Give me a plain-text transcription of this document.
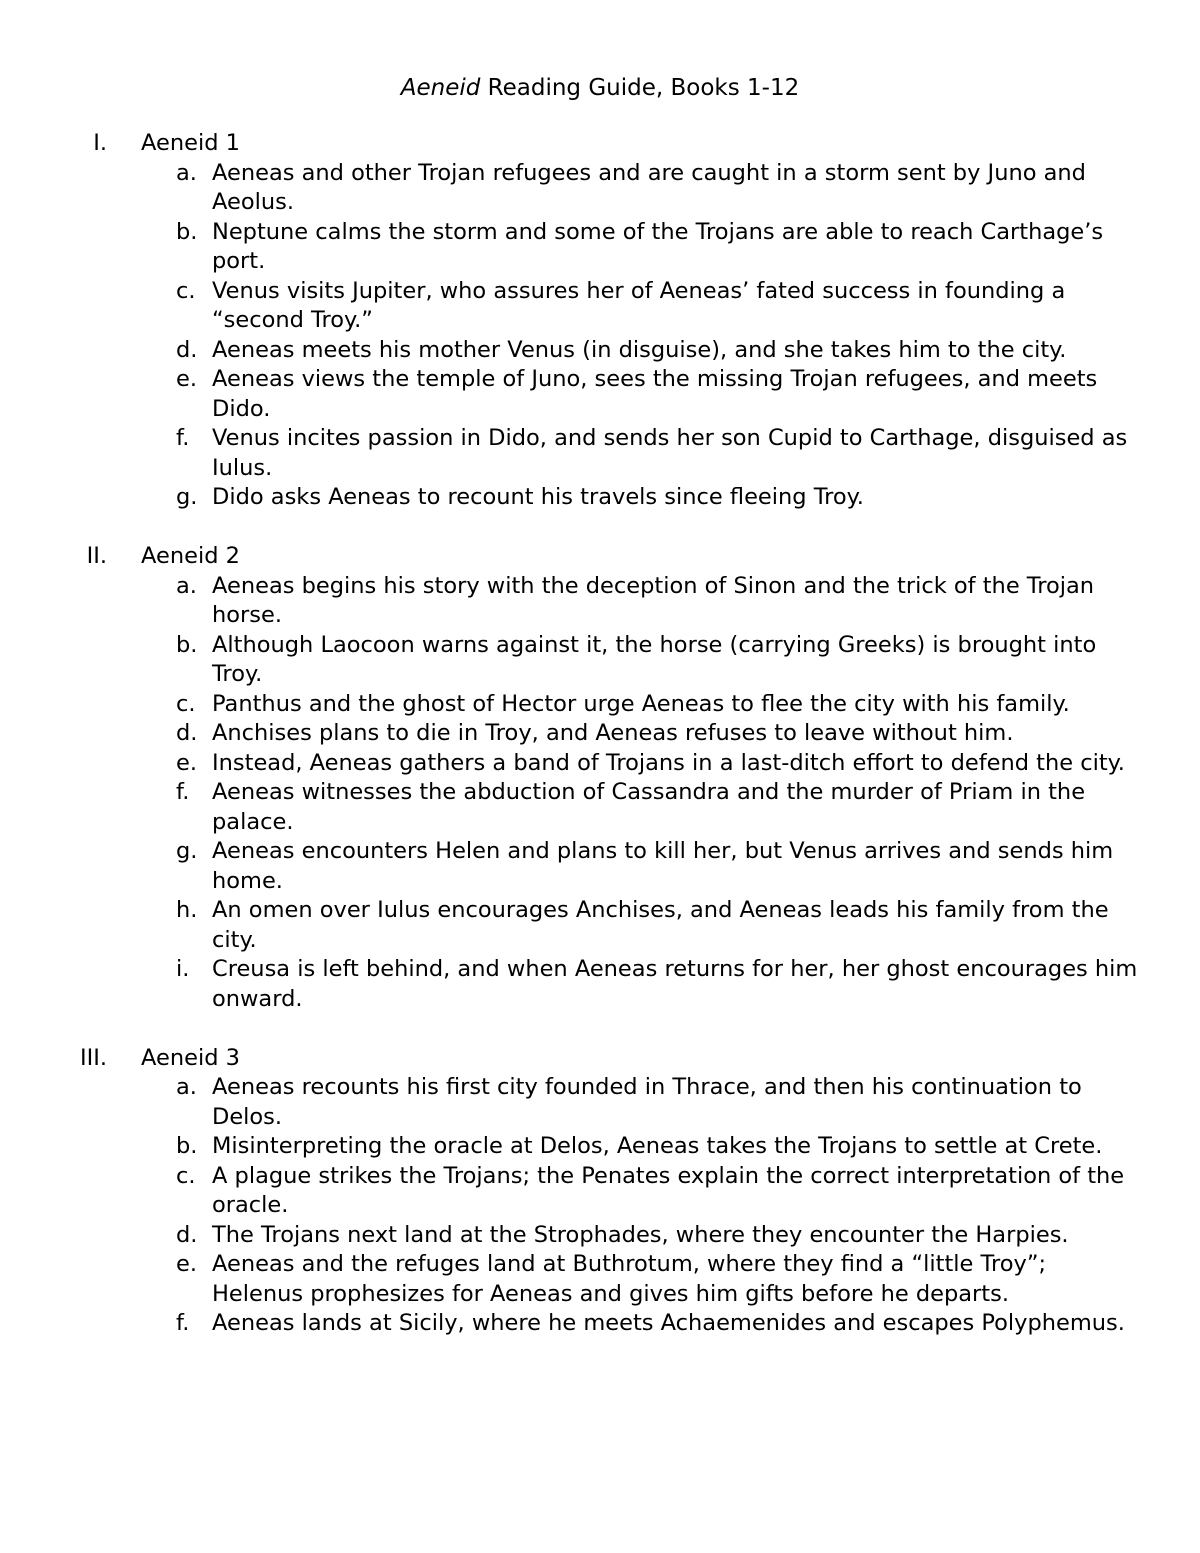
Aeneid Reading Guide, Books 1-12
I. Aeneid 1
a. Aeneas and other Trojan refugees and are caught in a storm sent by Juno and Aeolus.
b. Neptune calms the storm and some of the Trojans are able to reach Carthage’s port.
c. Venus visits Jupiter, who assures her of Aeneas’ fated success in founding a “second Troy.”
d. Aeneas meets his mother Venus (in disguise), and she takes him to the city.
e. Aeneas views the temple of Juno, sees the missing Trojan refugees, and meets Dido.
f. Venus incites passion in Dido, and sends her son Cupid to Carthage, disguised as Iulus.
g. Dido asks Aeneas to recount his travels since fleeing Troy.
II. Aeneid 2
a. Aeneas begins his story with the deception of Sinon and the trick of the Trojan horse.
b. Although Laocoon warns against it, the horse (carrying Greeks) is brought into Troy.
c. Panthus and the ghost of Hector urge Aeneas to flee the city with his family.
d. Anchises plans to die in Troy, and Aeneas refuses to leave without him.
e. Instead, Aeneas gathers a band of Trojans in a last-ditch effort to defend the city.
f. Aeneas witnesses the abduction of Cassandra and the murder of Priam in the palace.
g. Aeneas encounters Helen and plans to kill her, but Venus arrives and sends him home.
h. An omen over Iulus encourages Anchises, and Aeneas leads his family from the city.
i. Creusa is left behind, and when Aeneas returns for her, her ghost encourages him onward.
III. Aeneid 3
a. Aeneas recounts his first city founded in Thrace, and then his continuation to Delos.
b. Misinterpreting the oracle at Delos, Aeneas takes the Trojans to settle at Crete.
c. A plague strikes the Trojans; the Penates explain the correct interpretation of the oracle.
d. The Trojans next land at the Strophades, where they encounter the Harpies.
e. Aeneas and the refuges land at Buthrotum, where they find a “little Troy”; Helenus prophesizes for Aeneas and gives him gifts before he departs.
f. Aeneas lands at Sicily, where he meets Achaemenides and escapes Polyphemus.
